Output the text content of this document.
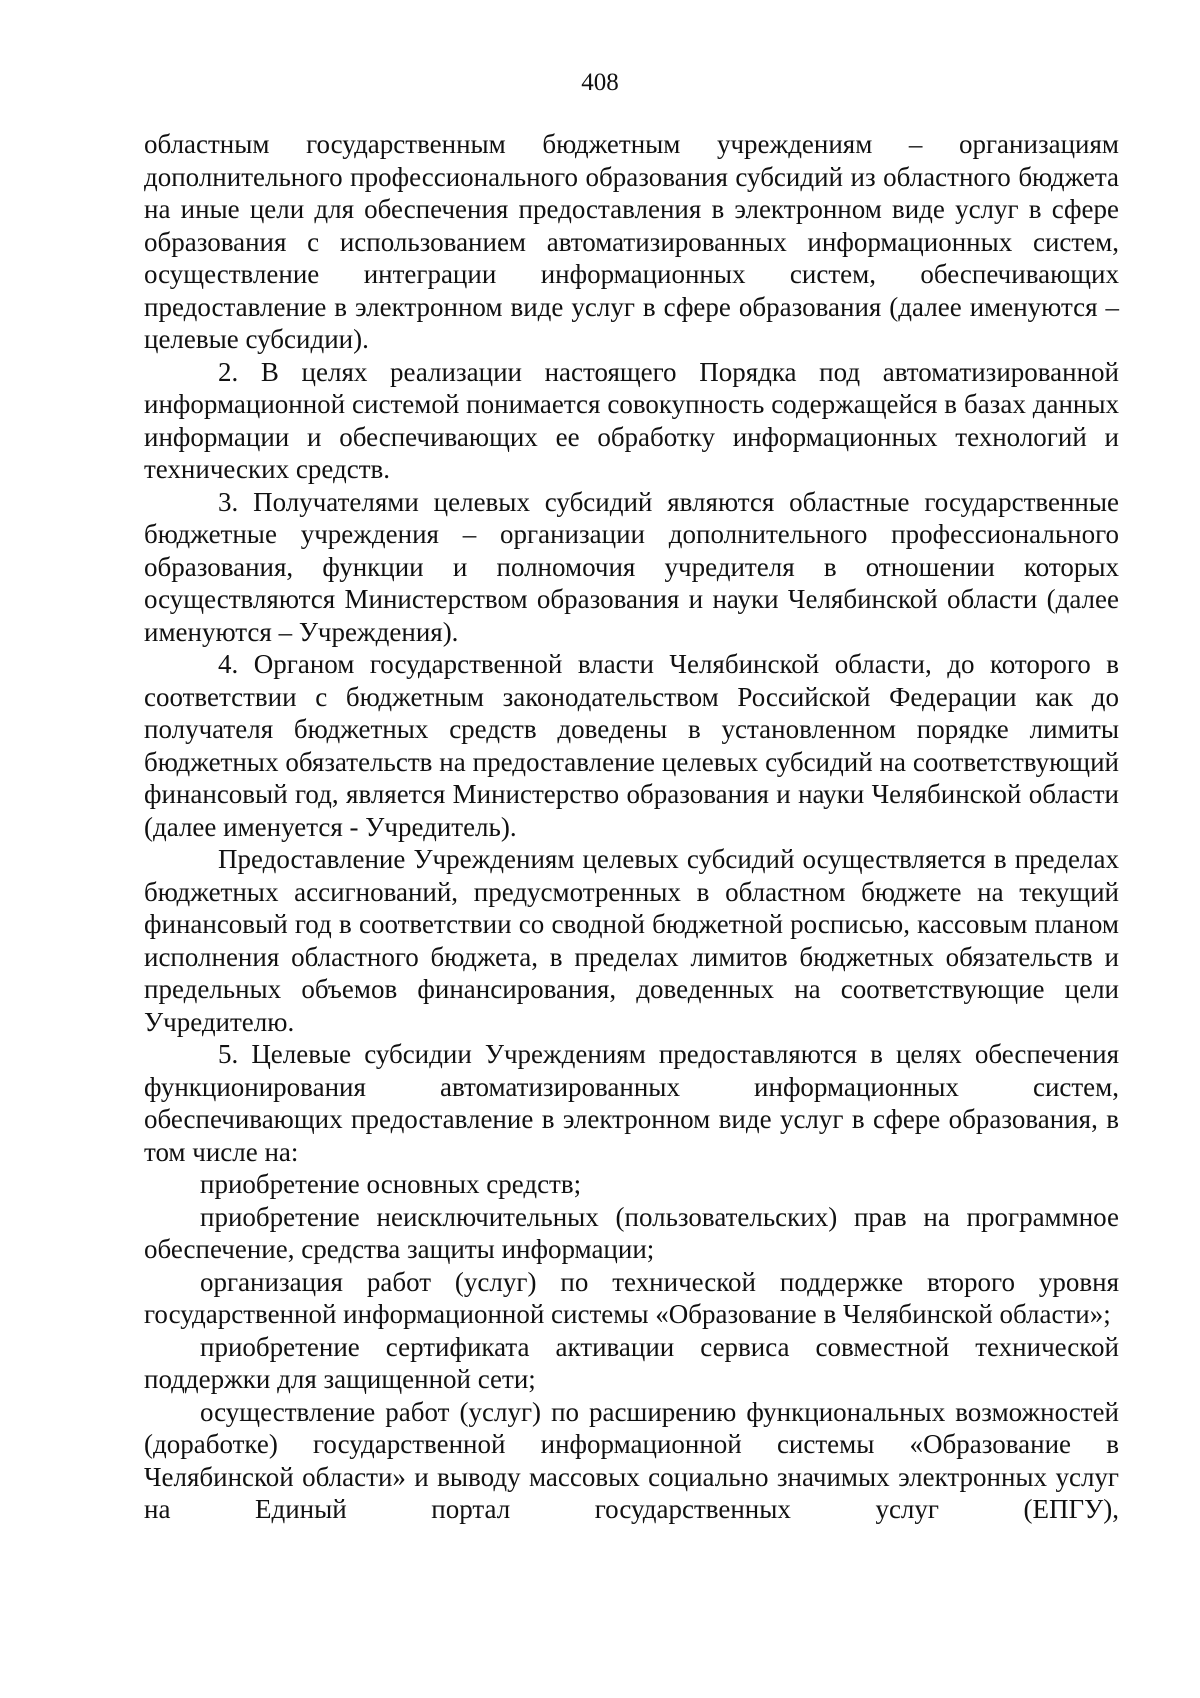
408

областным государственным бюджетным учреждениям – организациям дополнительного профессионального образования субсидий из областного бюджета на иные цели для обеспечения предоставления в электронном виде услуг в сфере образования с использованием автоматизированных информационных систем, осуществление интеграции информационных систем, обеспечивающих предоставление в электронном виде услуг в сфере образования (далее именуются – целевые субсидии).

2. В целях реализации настоящего Порядка под автоматизированной информационной системой понимается совокупность содержащейся в базах данных информации и обеспечивающих ее обработку информационных технологий и технических средств.

3. Получателями целевых субсидий являются областные государственные бюджетные учреждения – организации дополнительного профессионального образования, функции и полномочия учредителя в отношении которых осуществляются Министерством образования и науки Челябинской области (далее именуются – Учреждения).

4. Органом государственной власти Челябинской области, до которого в соответствии с бюджетным законодательством Российской Федерации как до получателя бюджетных средств доведены в установленном порядке лимиты бюджетных обязательств на предоставление целевых субсидий на соответствующий финансовый год, является Министерство образования и науки Челябинской области (далее именуется - Учредитель).

Предоставление Учреждениям целевых субсидий осуществляется в пределах бюджетных ассигнований, предусмотренных в областном бюджете на текущий финансовый год в соответствии со сводной бюджетной росписью, кассовым планом исполнения областного бюджета, в пределах лимитов бюджетных обязательств и предельных объемов финансирования, доведенных на соответствующие цели Учредителю.

5. Целевые субсидии Учреждениям предоставляются в целях обеспечения функционирования автоматизированных информационных систем, обеспечивающих предоставление в электронном виде услуг в сфере образования, в том числе на:

приобретение основных средств;

приобретение неисключительных (пользовательских) прав на программное обеспечение, средства защиты информации;

организация работ (услуг) по технической поддержке второго уровня государственной информационной системы «Образование в Челябинской области»;

приобретение сертификата активации сервиса совместной технической поддержки для защищенной сети;

осуществление работ (услуг) по расширению функциональных возможностей (доработке) государственной информационной системы «Образование в Челябинской области» и выводу массовых социально значимых электронных услуг на Единый портал государственных услуг (ЕПГУ),
